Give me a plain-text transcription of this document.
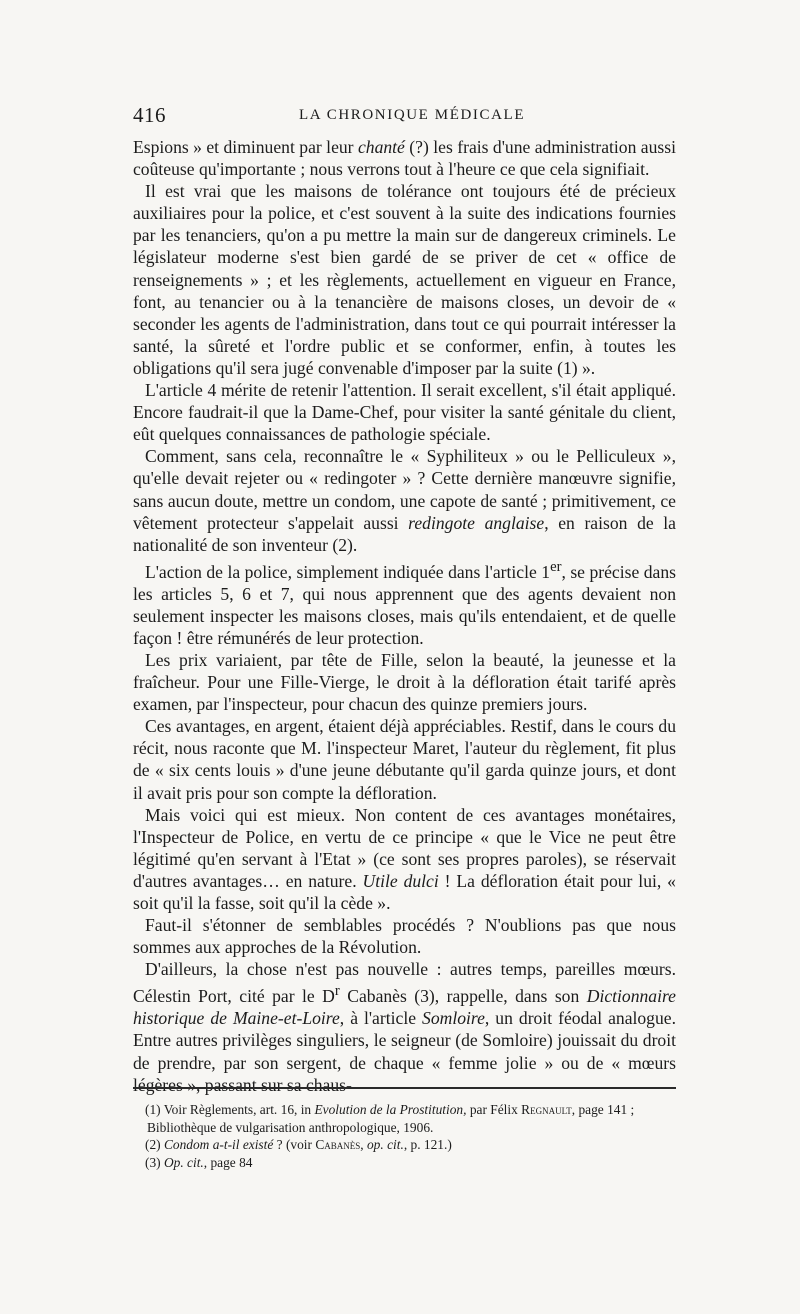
416	LA CHRONIQUE MÉDICALE

Espions » et diminuent par leur chanté (?) les frais d'une administration aussi coûteuse qu'importante ; nous verrons tout à l'heure ce que cela signifiait.

Il est vrai que les maisons de tolérance ont toujours été de précieux auxiliaires pour la police, et c'est souvent à la suite des indications fournies par les tenanciers, qu'on a pu mettre la main sur de dangereux criminels. Le législateur moderne s'est bien gardé de se priver de cet « office de renseignements » ; et les règlements, actuellement en vigueur en France, font, au tenancier ou à la tenancière de maisons closes, un devoir de « seconder les agents de l'administration, dans tout ce qui pourrait intéresser la santé, la sûreté et l'ordre public et se conformer, enfin, à toutes les obligations qu'il sera jugé convenable d'imposer par la suite (1) ».

L'article 4 mérite de retenir l'attention. Il serait excellent, s'il était appliqué. Encore faudrait-il que la Dame-Chef, pour visiter la santé génitale du client, eût quelques connaissances de pathologie spéciale.

Comment, sans cela, reconnaître le « Syphiliteux » ou le Pelliculeux », qu'elle devait rejeter ou « redingoter » ? Cette dernière manœuvre signifie, sans aucun doute, mettre un condom, une capote de santé ; primitivement, ce vêtement protecteur s'appelait aussi redingote anglaise, en raison de la nationalité de son inventeur (2).

L'action de la police, simplement indiquée dans l'article 1er, se précise dans les articles 5, 6 et 7, qui nous apprennent que des agents devaient non seulement inspecter les maisons closes, mais qu'ils entendaient, et de quelle façon ! être rémunérés de leur protection.

Les prix variaient, par tête de Fille, selon la beauté, la jeunesse et la fraîcheur. Pour une Fille-Vierge, le droit à la défloration était tarifé après examen, par l'inspecteur, pour chacun des quinze premiers jours.

Ces avantages, en argent, étaient déjà appréciables. Restif, dans le cours du récit, nous raconte que M. l'inspecteur Maret, l'auteur du règlement, fit plus de « six cents louis » d'une jeune débutante qu'il garda quinze jours, et dont il avait pris pour son compte la défloration.

Mais voici qui est mieux. Non content de ces avantages monétaires, l'Inspecteur de Police, en vertu de ce principe « que le Vice ne peut être légitimé qu'en servant à l'Etat » (ce sont ses propres paroles), se réservait d'autres avantages… en nature. Utile dulci ! La défloration était pour lui, « soit qu'il la fasse, soit qu'il la cède ».

Faut-il s'étonner de semblables procédés ? N'oublions pas que nous sommes aux approches de la Révolution.

D'ailleurs, la chose n'est pas nouvelle : autres temps, pareilles mœurs. Célestin Port, cité par le $D^r$ Cabanès (3), rappelle, dans son Dictionnaire historique de Maine-et-Loire, à l'article Somloire, un droit féodal analogue. Entre autres privilèges singuliers, le seigneur (de Somloire) jouissait du droit de prendre, par son sergent, de chaque « femme jolie » ou de « mœurs légères », passant sur sa chaus-

(1) Voir Règlements, art. 16, in Evolution de la Prostitution, par Félix Regnault, page 141 ; Bibliothèque de vulgarisation anthropologique, 1906.

(2) Condom a-t-il existé ? (voir Cabanès, op. cit., p. 121.)

(3) Op. cit., page 84
